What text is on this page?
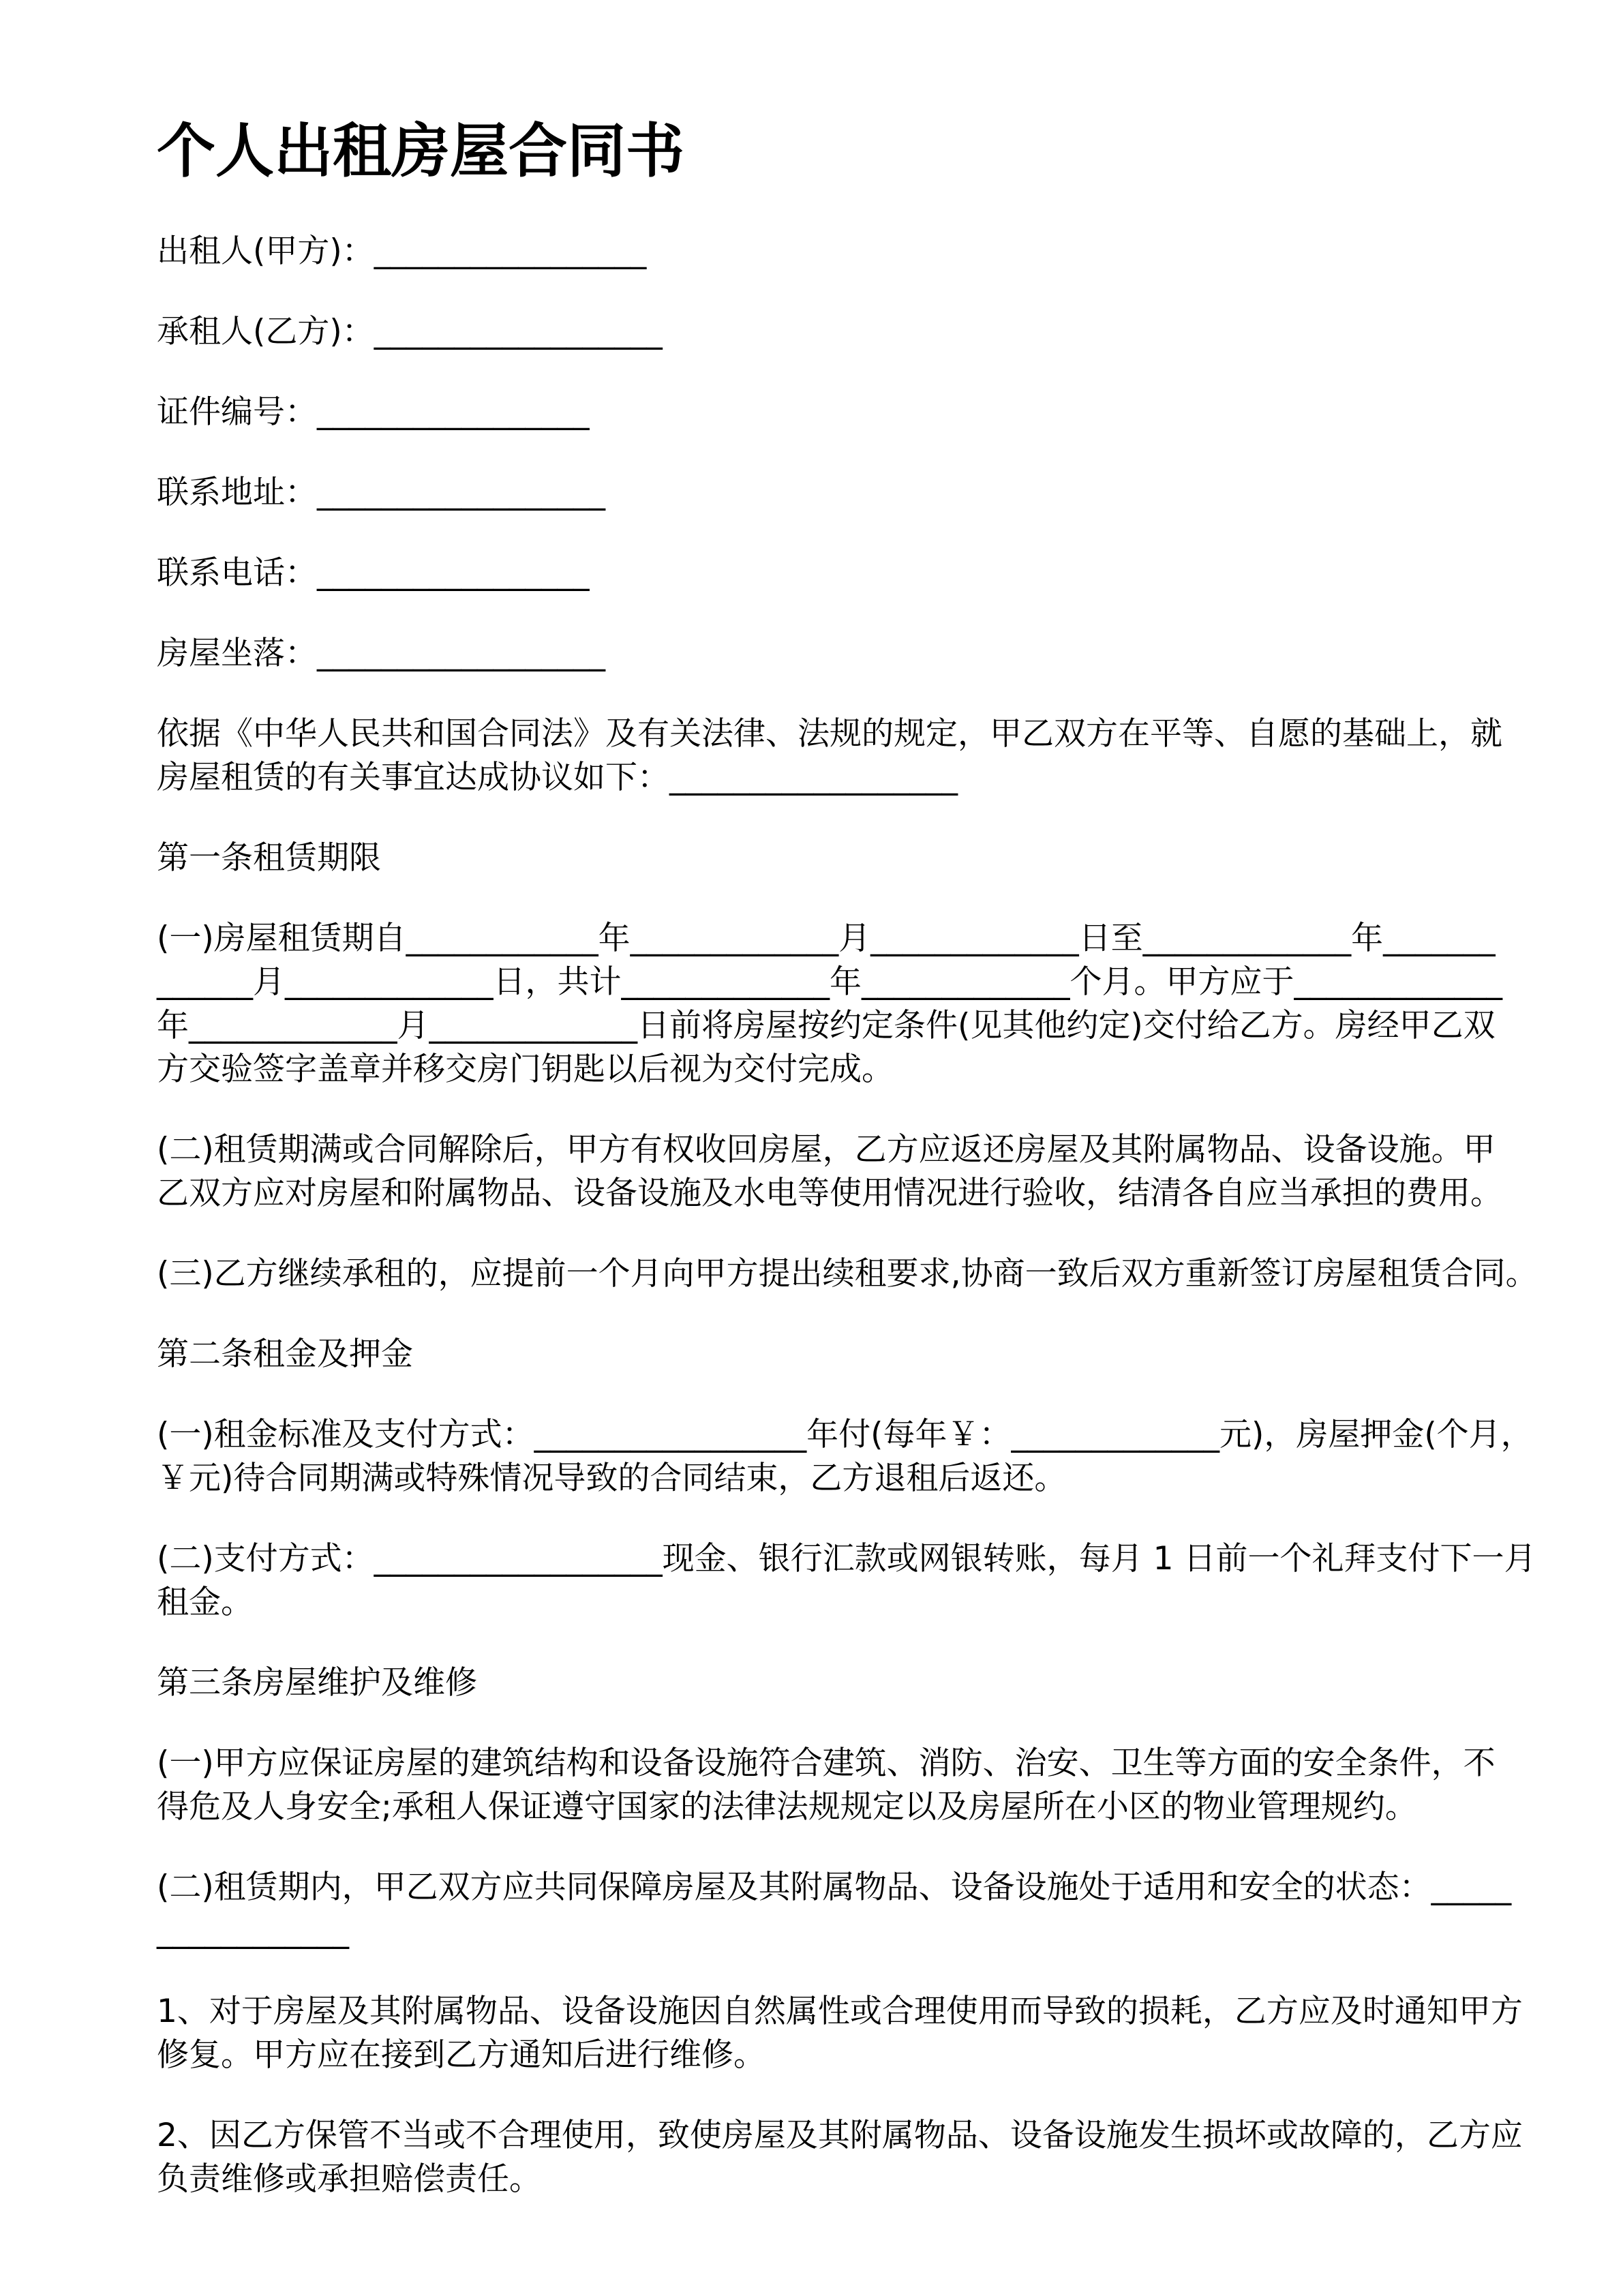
个人出租房屋合同书
出租人(甲方)：_________________
承租人(乙方)：__________________
证件编号：_________________
联系地址：__________________
联系电话：_________________
房屋坐落：__________________
依据《中华人民共和国合同法》及有关法律、法规的规定，甲乙双方在平等、自愿的基础上，就
房屋租赁的有关事宜达成协议如下：__________________
第一条租赁期限
(一)房屋租赁期自____________年_____________月_____________日至_____________年_______
______月_____________日，共计_____________年_____________个月。甲方应于_____________
年_____________月_____________日前将房屋按约定条件(见其他约定)交付给乙方。房经甲乙双
方交验签字盖章并移交房门钥匙以后视为交付完成。
(二)租赁期满或合同解除后，甲方有权收回房屋，乙方应返还房屋及其附属物品、设备设施。甲
乙双方应对房屋和附属物品、设备设施及水电等使用情况进行验收，结清各自应当承担的费用。
(三)乙方继续承租的，应提前一个月向甲方提出续租要求,协商一致后双方重新签订房屋租赁合同。
第二条租金及押金
(一)租金标准及支付方式：_________________年付(每年￥：_____________元)，房屋押金(个月，
￥元)待合同期满或特殊情况导致的合同结束，乙方退租后返还。
(二)支付方式：__________________现金、银行汇款或网银转账，每月 1 日前一个礼拜支付下一月
租金。
第三条房屋维护及维修
(一)甲方应保证房屋的建筑结构和设备设施符合建筑、消防、治安、卫生等方面的安全条件，不
得危及人身安全;承租人保证遵守国家的法律法规规定以及房屋所在小区的物业管理规约。
(二)租赁期内，甲乙双方应共同保障房屋及其附属物品、设备设施处于适用和安全的状态：_____
____________
1、对于房屋及其附属物品、设备设施因自然属性或合理使用而导致的损耗，乙方应及时通知甲方
修复。甲方应在接到乙方通知后进行维修。
2、因乙方保管不当或不合理使用，致使房屋及其附属物品、设备设施发生损坏或故障的，乙方应
负责维修或承担赔偿责任。
